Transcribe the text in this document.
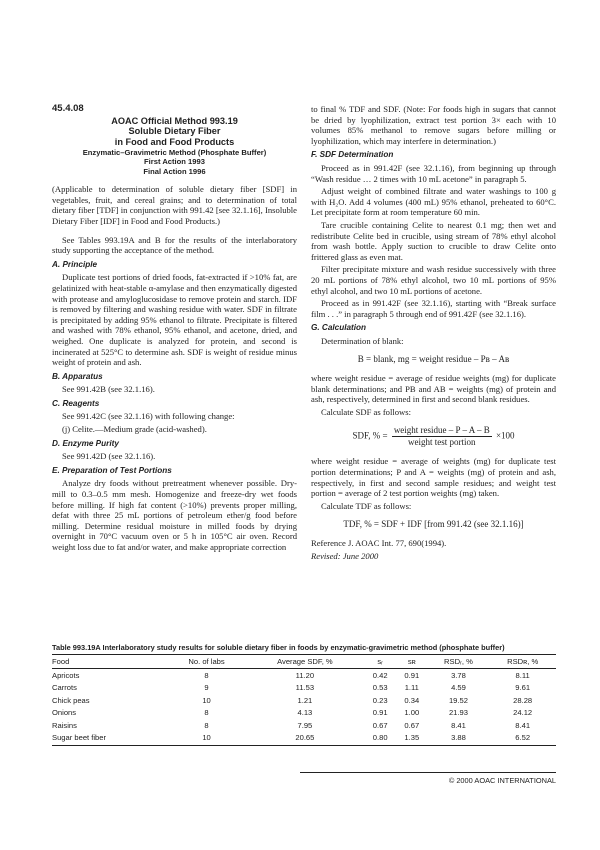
45.4.08
AOAC Official Method 993.19
Soluble Dietary Fiber
in Food and Food Products
Enzymatic–Gravimetric Method (Phosphate Buffer)
First Action 1993
Final Action 1996

(Applicable to determination of soluble dietary fiber [SDF] in vegetables, fruit, and cereal grains; and to determination of total dietary fiber [TDF] in conjunction with 991.42 [see 32.1.16], Insoluble Dietary Fiber [IDF] in Food and Food Products.)

See Tables 993.19A and B for the results of the interlaboratory study supporting the acceptance of the method.

A. Principle

Duplicate test portions of dried foods, fat-extracted if >10% fat, are gelatinized with heat-stable α-amylase and then enzymatically digested with protease and amyloglucosidase to remove protein and starch. IDF is removed by filtering and washing residue with water. SDF in filtrate is precipitated by adding 95% ethanol to filtrate. Precipitate is filtered and washed with 78% ethanol, 95% ethanol, and acetone, dried, and weighed. One duplicate is analyzed for protein, and second is incinerated at 525°C to determine ash. SDF is weight of residue minus weight of protein and ash.

B. Apparatus

See 991.42B (see 32.1.16).

C. Reagents

See 991.42C (see 32.1.16) with following change:

(j) Celite.—Medium grade (acid-washed).

D. Enzyme Purity

See 991.42D (see 32.1.16).

E. Preparation of Test Portions

Analyze dry foods without pretreatment whenever possible. Dry-mill to 0.3–0.5 mm mesh. Homogenize and freeze-dry wet foods before milling. If high fat content (>10%) prevents proper milling, defat with three 25 mL portions of petroleum ether/g food before milling. Determine residual moisture in milled foods by drying overnight in 70°C vacuum oven or 5 h in 105°C air oven. Record weight loss due to fat and/or water, and make appropriate correction

to final % TDF and SDF. (Note: For foods high in sugars that cannot be dried by lyophilization, extract test portion 3× each with 10 volumes 85% methanol to remove sugars before milling or lyophilization, which may interfere in determination.)

F. SDF Determination

Proceed as in 991.42F (see 32.1.16), from beginning up through “Wash residue … 2 times with 10 mL acetone” in paragraph 5.

Adjust weight of combined filtrate and water washings to 100 g with H₂O. Add 4 volumes (400 mL) 95% ethanol, preheated to 60°C. Let precipitate form at room temperature 60 min.

Tare crucible containing Celite to nearest 0.1 mg; then wet and redistribute Celite bed in crucible, using stream of 78% ethyl alcohol from wash bottle. Apply suction to crucible to draw Celite onto frittered glass as even mat.

Filter precipitate mixture and wash residue successively with three 20 mL portions of 78% ethyl alcohol, two 10 mL portions of 95% ethyl alcohol, and two 10 mL portions of acetone.

Proceed as in 991.42F (see 32.1.16), starting with “Break surface film . . .” in paragraph 5 through end of 991.42F (see 32.1.16).

G. Calculation

Determination of blank:

B = blank, mg = weight residue – Pʙ – Aʙ

where weight residue = average of residue weights (mg) for duplicate blank determinations; and PB and AB = weights (mg) of protein and ash, respectively, determined in first and second blank residues.

Calculate SDF as follows:

SDF, % = $\frac{\text{weight residue – P – A – B}}{\text{weight test portion}} \times 100$

where weight residue = average of weights (mg) for duplicate test portion determinations; P and A = weights (mg) of protein and ash, respectively, in first and second sample residues; and weight test portion = average of 2 test portion weights (mg) taken.

Calculate TDF as follows:

TDF, % = SDF + IDF [from 991.42 (see 32.1.16)]

Reference J. AOAC Int. 77, 690(1994).

Revised: June 2000

Table 993.19A Interlaboratory study results for soluble dietary fiber in foods by enzymatic-gravimetric method (phosphate buffer)
Food	No. of labs	Average SDF, %	sᵣ	sʀ	RSDᵣ, %	RSDʀ, %
Apricots	8	11.20	0.42	0.91	3.78	8.11
Carrots	9	11.53	0.53	1.11	4.59	9.61
Chick peas	10	1.21	0.23	0.34	19.52	28.28
Onions	8	4.13	0.91	1.00	21.93	24.12
Raisins	8	7.95	0.67	0.67	8.41	8.41
Sugar beet fiber	10	20.65	0.80	1.35	3.88	6.52
© 2000 AOAC INTERNATIONAL
